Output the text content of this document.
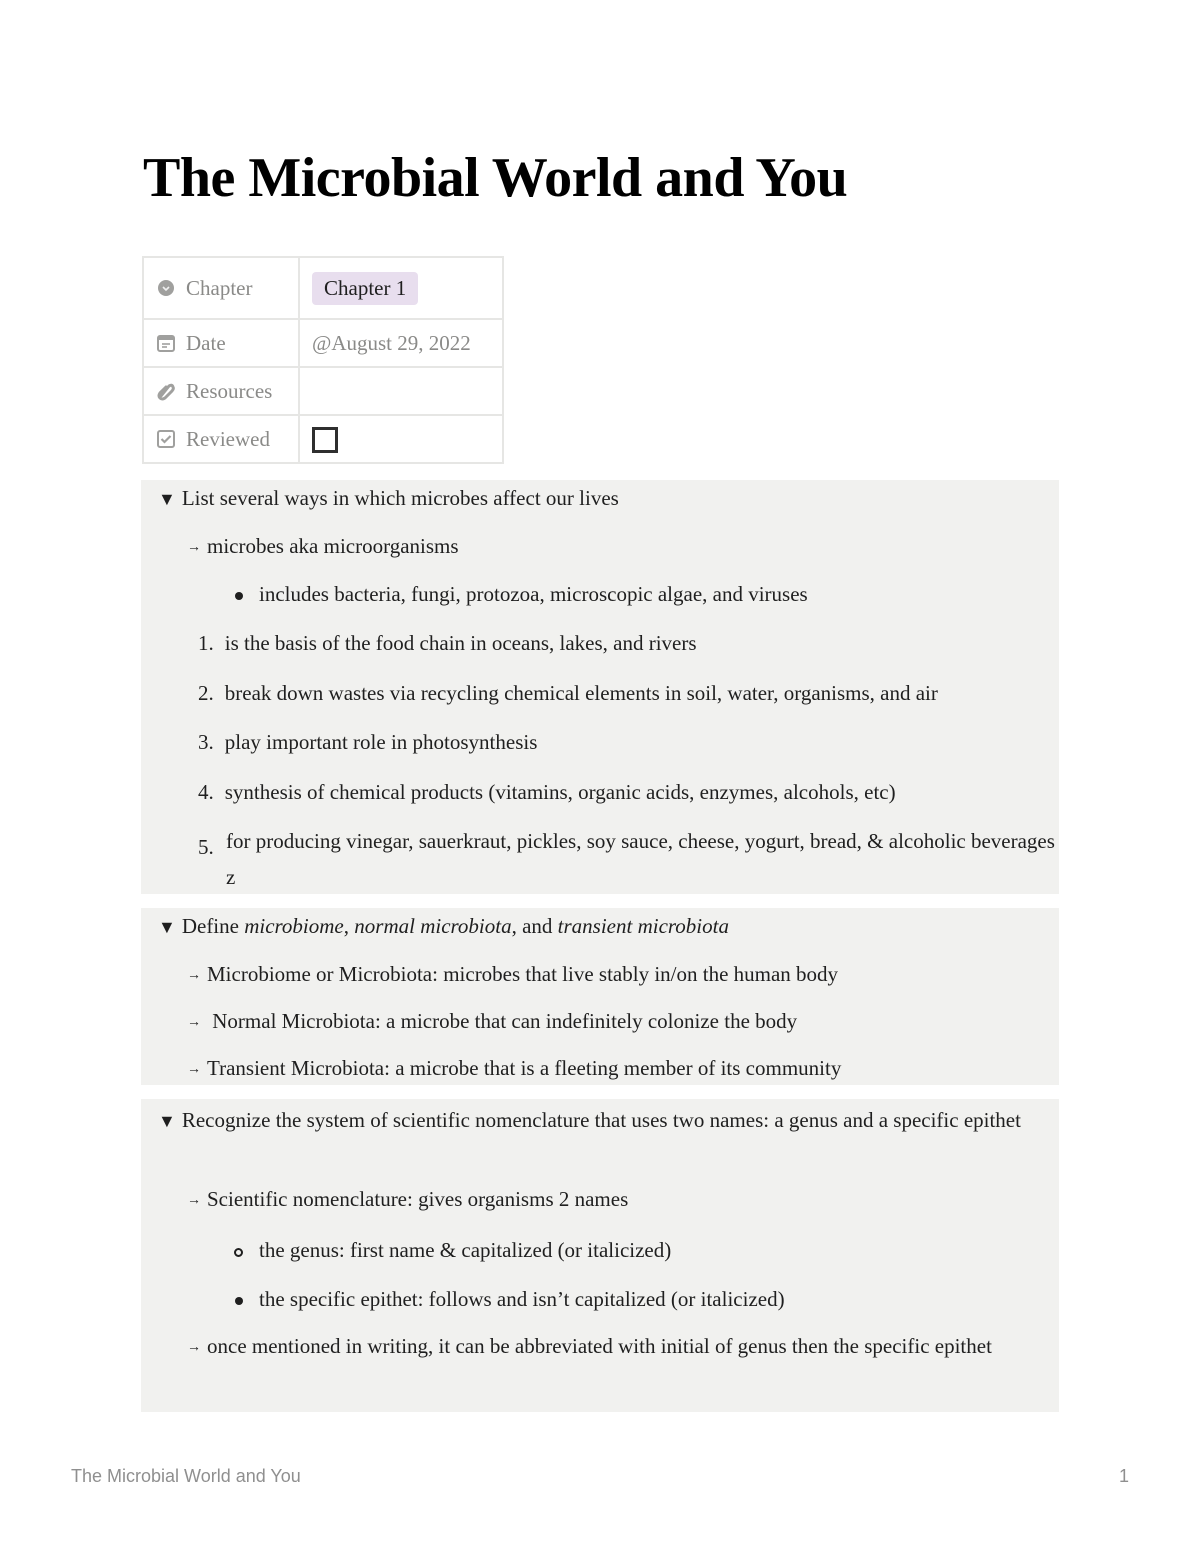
The Microbial World and You
Chapter	Chapter 1

Date	@August 29, 2022

Resources	

Reviewed	

▼ List several ways in which microbes affect our lives
→ microbes aka microorganisms
includes bacteria, fungi, protozoa, microscopic algae, and viruses
1. is the basis of the food chain in oceans, lakes, and rivers
2. break down wastes via recycling chemical elements in soil, water, organisms, and air
3. play important role in photosynthesis
4. synthesis of chemical products (vitamins, organic acids, enzymes, alcohols, etc)
5. for producing vinegar, sauerkraut, pickles, soy sauce, cheese, yogurt, bread, & alcoholic beverages z
▼ Define microbiome, normal microbiota, and transient microbiota
→ Microbiome or Microbiota: microbes that live stably in/on the human body
→ Normal Microbiota: a microbe that can indefinitely colonize the body
→ Transient Microbiota: a microbe that is a fleeting member of its community
▼ Recognize the system of scientific nomenclature that uses two names: a genus and a specific epithet
→ Scientific nomenclature: gives organisms 2 names
the genus: first name & capitalized (or italicized)
the specific epithet: follows and isn’t capitalized (or italicized)
→ once mentioned in writing, it can be abbreviated with initial of genus then the specific epithet
The Microbial World and You	1
